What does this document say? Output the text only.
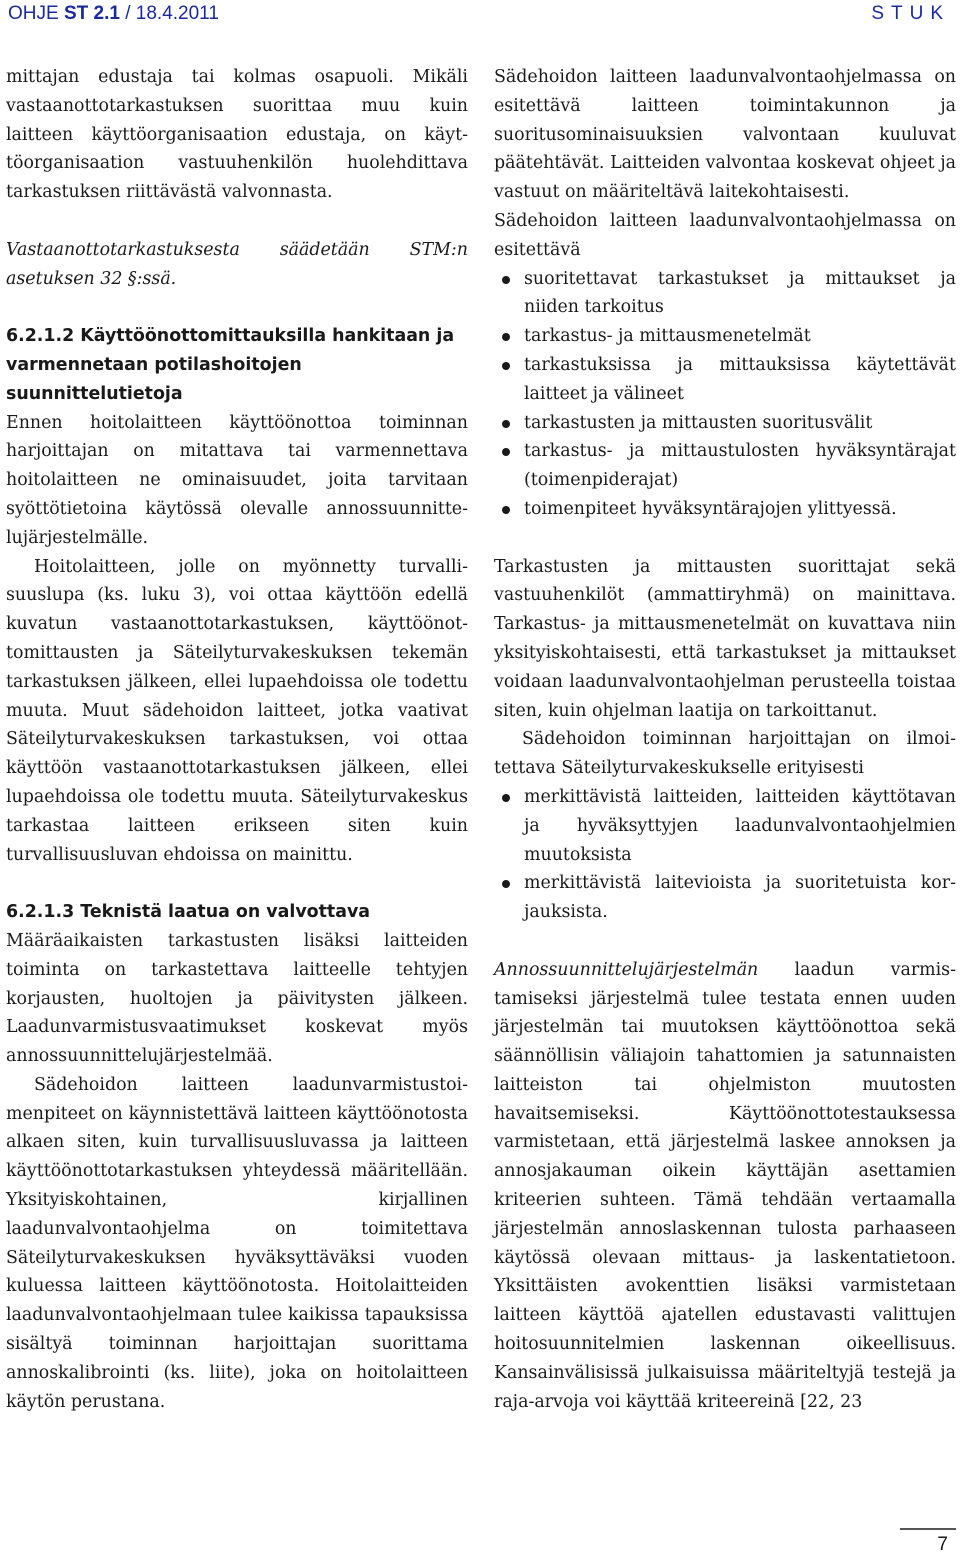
OHJE ST 2.1 / 18.4.2011	STUK

mittajan edustaja tai kolmas osapuoli. Mikäli vastaanottotarkastuksen suorittaa muu kuin laitteen käyttöorganisaation edustaja, on käyttöorganisaation vastuuhenkilön huolehdittava tarkastuksen riittävästä valvonnasta.

Vastaanottotarkastuksesta säädetään STM:n asetuksen 32 §:ssä.

6.2.1.2 Käyttöönottomittauksilla hankitaan ja varmennetaan potilashoitojen suunnittelutietoja

Ennen hoitolaitteen käyttöönottoa toiminnan harjoittajan on mitattava tai varmennettava hoitolaitteen ne ominaisuudet, joita tarvitaan syöttötietoina käytössä olevalle annossuunnittelujärjestelmälle.

Hoitolaitteen, jolle on myönnetty turvallisuuslupa (ks. luku 3), voi ottaa käyttöön edellä kuvatun vastaanottotarkastuksen, käyttöönottomittausten ja Säteilyturvakeskuksen tekemän tarkastuksen jälkeen, ellei lupaehdoissa ole todettu muuta. Muut sädehoidon laitteet, jotka vaativat Säteilyturvakeskuksen tarkastuksen, voi ottaa käyttöön vastaanottotarkastuksen jälkeen, ellei lupaehdoissa ole todettu muuta. Säteilyturvakeskus tarkastaa laitteen erikseen siten kuin turvallisuusluvan ehdoissa on mainittu.

6.2.1.3 Teknistä laatua on valvottava

Määräaikaisten tarkastusten lisäksi laitteiden toiminta on tarkastettava laitteelle tehtyjen korjausten, huoltojen ja päivitysten jälkeen. Laadunvarmistusvaatimukset koskevat myös annossuunnittelujärjestelmää.

Sädehoidon laitteen laadunvarmistustoimenpiteet on käynnistettävä laitteen käyttöönotosta alkaen siten, kuin turvallisuusluvassa ja laitteen käyttöönottotarkastuksen yhteydessä määritellään. Yksityiskohtainen, kirjallinen laadunvalvontaohjelma on toimitettava Säteilyturvakeskuksen hyväksyttäväksi vuoden kuluessa laitteen käyttöönotosta. Hoitolaitteiden laadunvalvontaohjelmaan tulee kaikissa tapauksissa sisältyä toiminnan harjoittajan suorittama annoskalibrointi (ks. liite), joka on hoitolaitteen käytön perustana.

Sädehoidon laitteen laadunvalvontaohjelmassa on esitettävä laitteen toimintakunnon ja suoritusominaisuuksien valvontaan kuuluvat päätehtävät. Laitteiden valvontaa koskevat ohjeet ja vastuut on määriteltävä laitekohtaisesti.

Sädehoidon laitteen laadunvalvontaohjelmassa on esitettävä

suoritettavat tarkastukset ja mittaukset ja niiden tarkoitus
tarkastus- ja mittausmenetelmät
tarkastuksissa ja mittauksissa käytettävät laitteet ja välineet
tarkastusten ja mittausten suoritusvälit
tarkastus- ja mittaustulosten hyväksyntärajat (toimenpiderajat)
toimenpiteet hyväksyntärajojen ylittyessä.

Tarkastusten ja mittausten suorittajat sekä vastuuhenkilöt (ammattiryhmä) on mainittava. Tarkastus- ja mittausmenetelmät on kuvattava niin yksityiskohtaisesti, että tarkastukset ja mittaukset voidaan laadunvalvontaohjelman perusteella toistaa siten, kuin ohjelman laatija on tarkoittanut.

Sädehoidon toiminnan harjoittajan on ilmoitettava Säteilyturvakeskukselle erityisesti

merkittävistä laitteiden, laitteiden käyttötavan ja hyväksyttyjen laadunvalvontaohjelmien muutoksista
merkittävistä laitevioista ja suoritetuista korjauksista.

Annossuunnittelujärjestelmän laadun varmistamiseksi järjestelmä tulee testata ennen uuden järjestelmän tai muutoksen käyttöönottoa sekä säännöllisin väliajoin tahattomien ja satunnaisten laitteiston tai ohjelmiston muutosten havaitsemiseksi. Käyttöönottotestauksessa varmistetaan, että järjestelmä laskee annoksen ja annosjakauman oikein käyttäjän asettamien kriteerien suhteen. Tämä tehdään vertaamalla järjestelmän annoslaskennan tulosta parhaaseen käytössä olevaan mittaus- ja laskentatietoon. Yksittäisten avokenttien lisäksi varmistetaan laitteen käyttöä ajatellen edustavasti valittujen hoitosuunnitelmien laskennan oikeellisuus. Kansainvälisissä julkaisuissa määriteltyjä testejä ja raja-arvoja voi käyttää kriteereinä [22, 23

7
